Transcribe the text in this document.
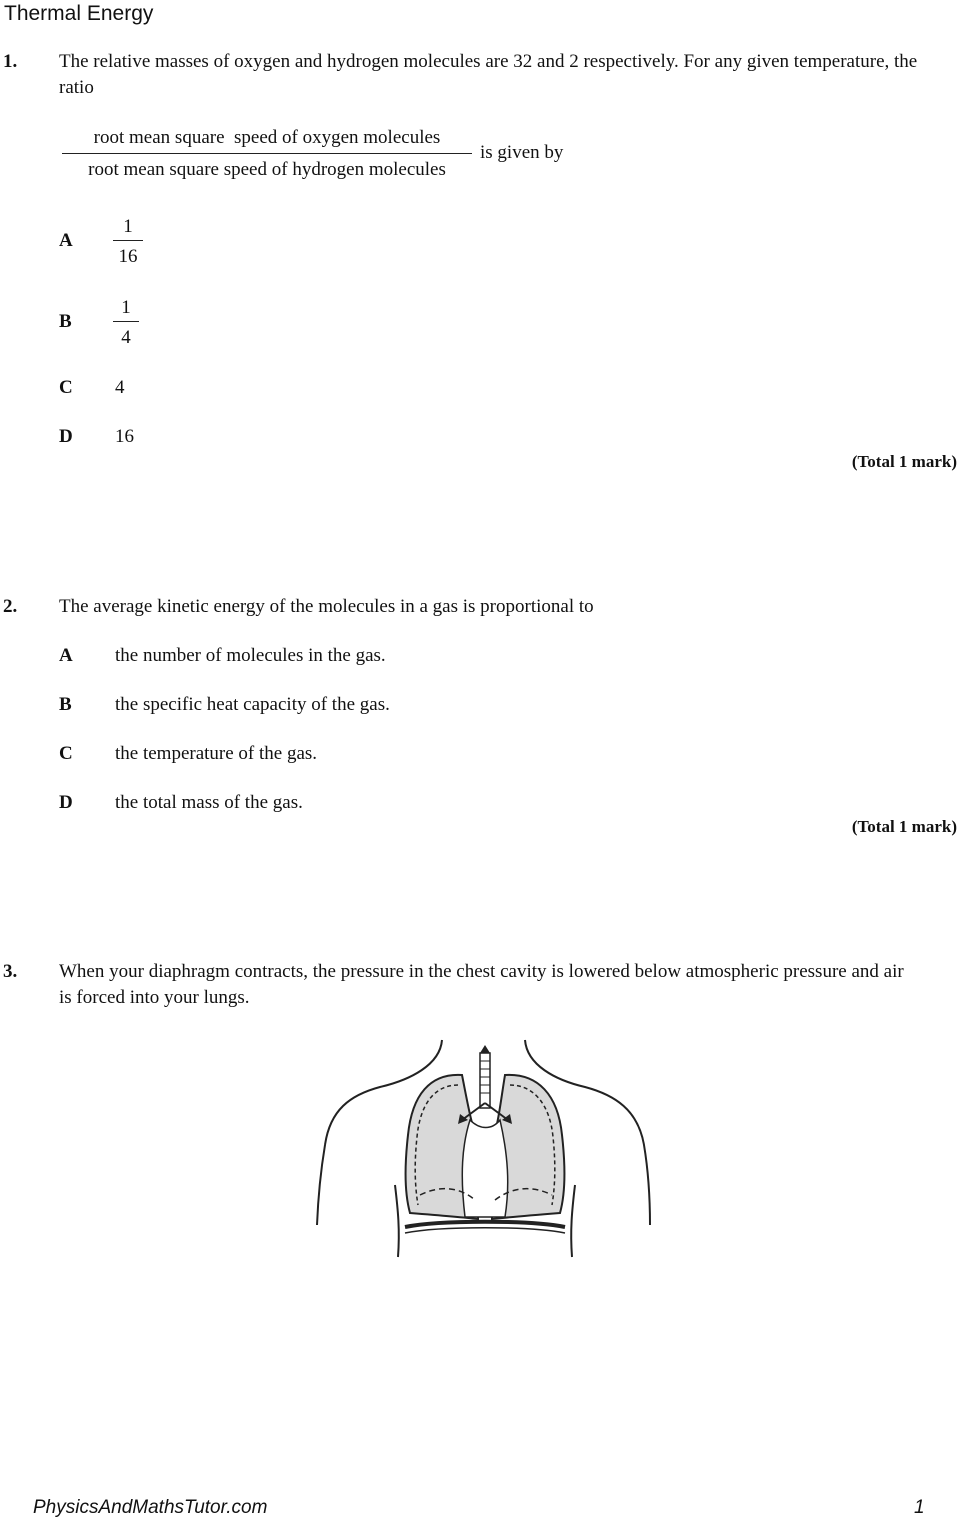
Thermal Energy
1. The relative masses of oxygen and hydrogen molecules are 32 and 2 respectively. For any given temperature, the ratio
root mean square  speed of oxygen molecules
root mean square speed of hydrogen molecules
is given by
A
1
16
B
1
4
C 4
D 16
(Total 1 mark)
2. The average kinetic energy of the molecules in a gas is proportional to
A the number of molecules in the gas.
B the specific heat capacity of the gas.
C the temperature of the gas.
D the total mass of the gas.
(Total 1 mark)
3. When your diaphragm contracts, the pressure in the chest cavity is lowered below atmospheric pressure and air is forced into your lungs.
PhysicsAndMathsTutor.com	1
